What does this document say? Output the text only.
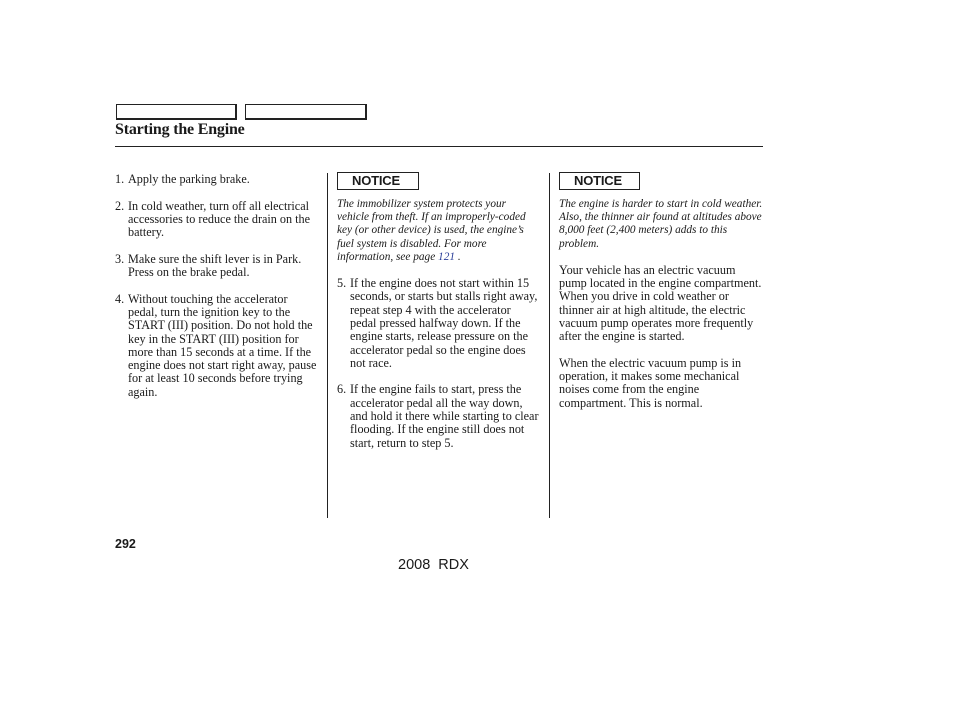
Starting the Engine
1. Apply the parking brake.
2. In cold weather, turn off all electrical accessories to reduce the drain on the battery.
3. Make sure the shift lever is in Park. Press on the brake pedal.
4. Without touching the accelerator pedal, turn the ignition key to the START (III) position. Do not hold the key in the START (III) position for more than 15 seconds at a time. If the engine does not start right away, pause for at least 10 seconds before trying again.
NOTICE
The immobilizer system protects your vehicle from theft. If an improperly-coded key (or other device) is used, the engine’s fuel system is disabled. For more information, see page 121 .
5. If the engine does not start within 15 seconds, or starts but stalls right away, repeat step 4 with the accelerator pedal pressed halfway down. If the engine starts, release pressure on the accelerator pedal so the engine does not race.
6. If the engine fails to start, press the accelerator pedal all the way down, and hold it there while starting to clear flooding. If the engine still does not start, return to step 5.
NOTICE
The engine is harder to start in cold weather. Also, the thinner air found at altitudes above 8,000 feet (2,400 meters) adds to this problem.
Your vehicle has an electric vacuum pump located in the engine compartment. When you drive in cold weather or thinner air at high altitude, the electric vacuum pump operates more frequently after the engine is started.
When the electric vacuum pump is in operation, it makes some mechanical noises come from the engine compartment. This is normal.
292
2008 RDX
